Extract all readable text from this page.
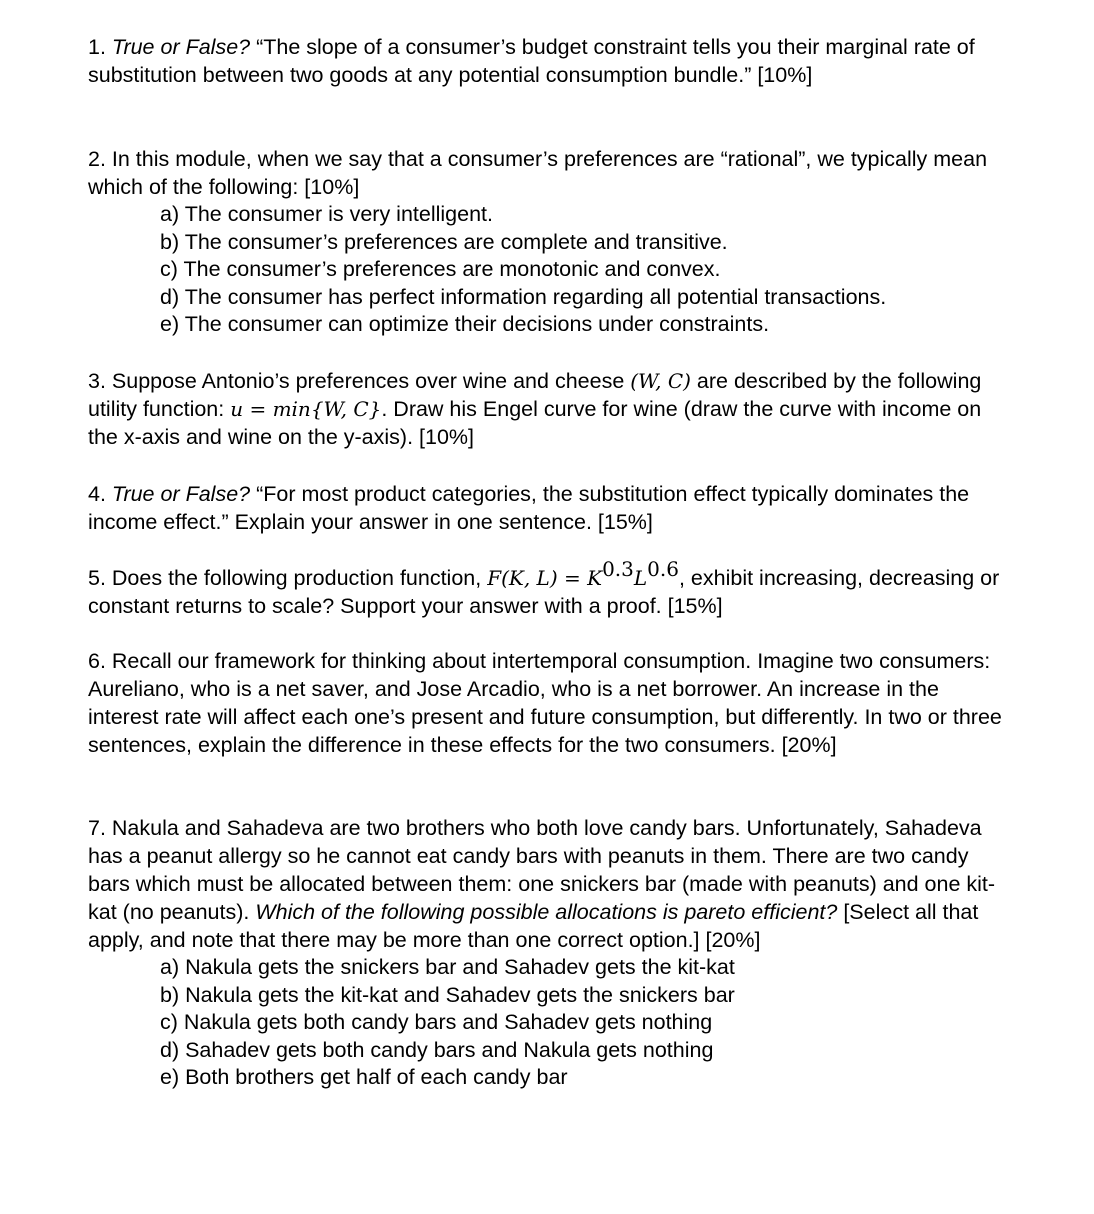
1. True or False? “The slope of a consumer’s budget constraint tells you their marginal rate of substitution between two goods at any potential consumption bundle.” [10%]

2. In this module, when we say that a consumer’s preferences are “rational”, we typically mean which of the following: [10%]

a) The consumer is very intelligent.
b) The consumer’s preferences are complete and transitive.
c) The consumer’s preferences are monotonic and convex.
d) The consumer has perfect information regarding all potential transactions.
e) The consumer can optimize their decisions under constraints.

3. Suppose Antonio’s preferences over wine and cheese (W, C) are described by the following utility function: u = min{W, C}. Draw his Engel curve for wine (draw the curve with income on the x-axis and wine on the y-axis). [10%]

4. True or False? “For most product categories, the substitution effect typically dominates the income effect.” Explain your answer in one sentence. [15%]

5. Does the following production function, F(K, $L) = K^{0.3}L^{0.6}$, exhibit increasing, decreasing or constant returns to scale? Support your answer with a proof. [15%]

6. Recall our framework for thinking about intertemporal consumption. Imagine two consumers: Aureliano, who is a net saver, and Jose Arcadio, who is a net borrower. An increase in the interest rate will affect each one’s present and future consumption, but differently. In two or three sentences, explain the difference in these effects for the two consumers. [20%]

7. Nakula and Sahadeva are two brothers who both love candy bars. Unfortunately, Sahadeva has a peanut allergy so he cannot eat candy bars with peanuts in them. There are two candy bars which must be allocated between them: one snickers bar (made with peanuts) and one kit-kat (no peanuts). Which of the following possible allocations is pareto efficient? [Select all that apply, and note that there may be more than one correct option.] [20%]

a) Nakula gets the snickers bar and Sahadev gets the kit-kat
b) Nakula gets the kit-kat and Sahadev gets the snickers bar
c) Nakula gets both candy bars and Sahadev gets nothing
d) Sahadev gets both candy bars and Nakula gets nothing
e) Both brothers get half of each candy bar
